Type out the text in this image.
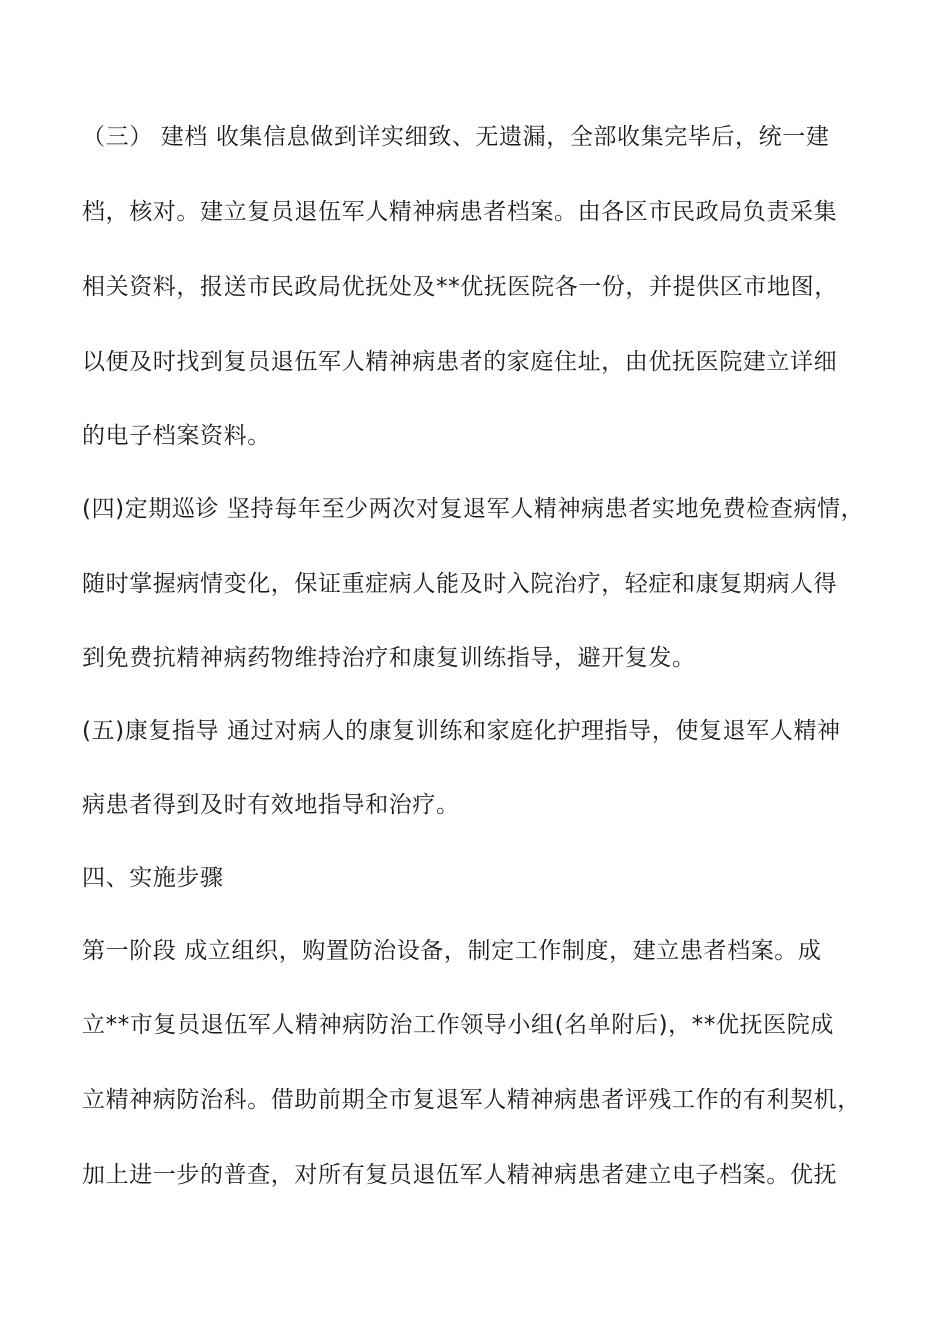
（三） 建档 收集信息做到详实细致、无遗漏，全部收集完毕后，统一建
档，核对。建立复员退伍军人精神病患者档案。由各区市民政局负责采集
相关资料，报送市民政局优抚处及**优抚医院各一份，并提供区市地图，
以便及时找到复员退伍军人精神病患者的家庭住址，由优抚医院建立详细
的电子档案资料。
(四)定期巡诊 坚持每年至少两次对复退军人精神病患者实地免费检查病情，
随时掌握病情变化，保证重症病人能及时入院治疗，轻症和康复期病人得
到免费抗精神病药物维持治疗和康复训练指导，避开复发。
(五)康复指导 通过对病人的康复训练和家庭化护理指导，使复退军人精神
病患者得到及时有效地指导和治疗。
四、实施步骤
第一阶段 成立组织，购置防治设备，制定工作制度，建立患者档案。成
立**市复员退伍军人精神病防治工作领导小组(名单附后)，**优抚医院成
立精神病防治科。借助前期全市复退军人精神病患者评残工作的有利契机，
加上进一步的普查，对所有复员退伍军人精神病患者建立电子档案。优抚
